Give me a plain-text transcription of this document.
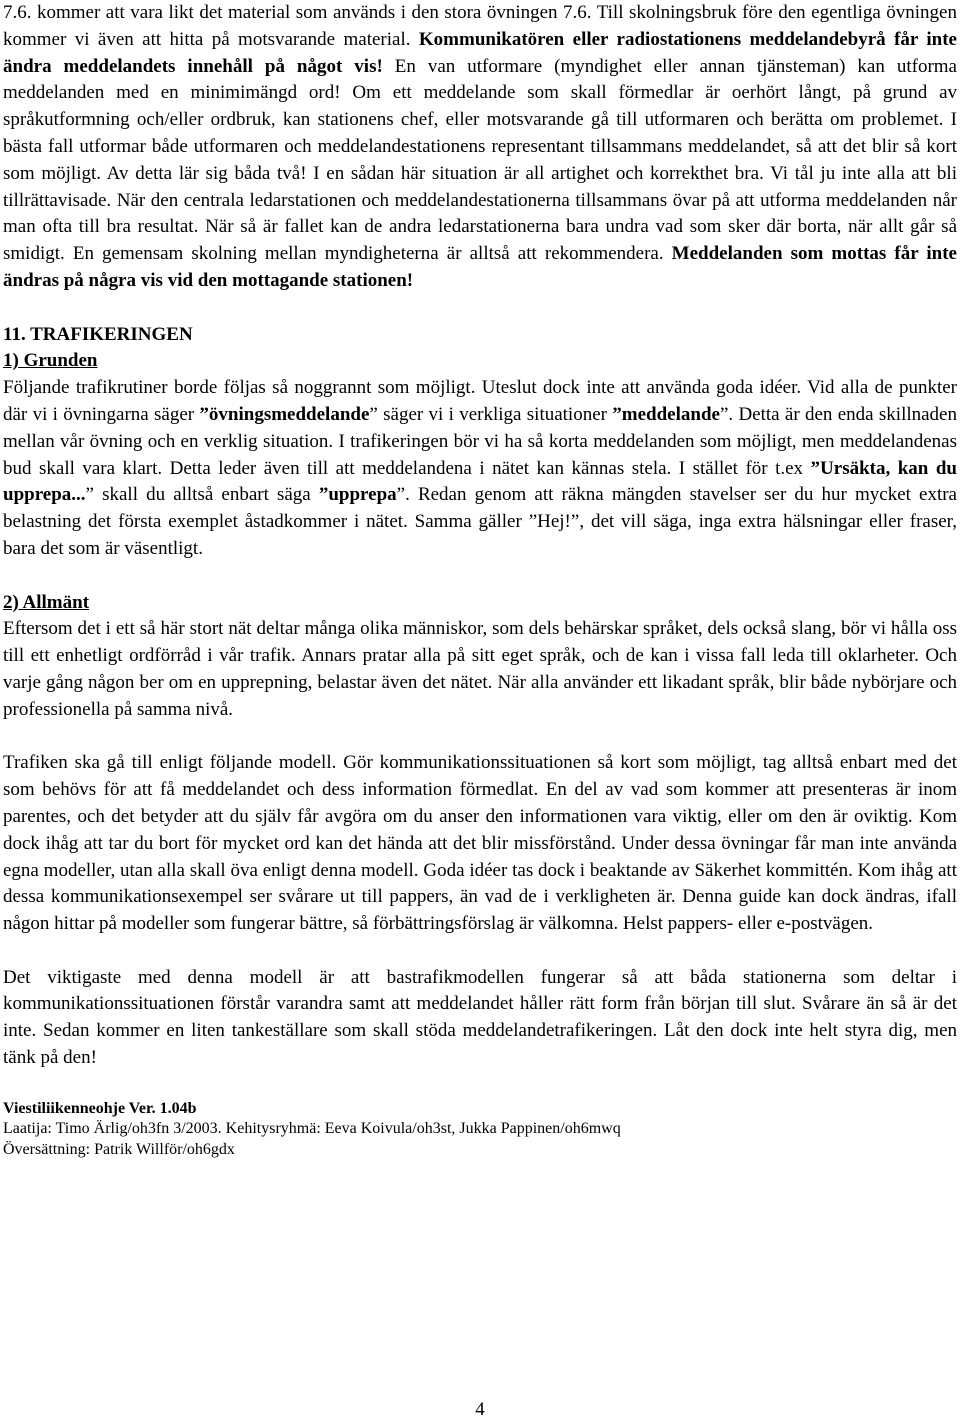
7.6. kommer att vara likt det material som används i den stora övningen 7.6. Till skolningsbruk före den egentliga övningen kommer vi även att hitta på motsvarande material. Kommunikatören eller radiostationens meddelandebyrå får inte ändra meddelandets innehåll på något vis! En van utformare (myndighet eller annan tjänsteman) kan utforma meddelanden med en minimimängd ord! Om ett meddelande som skall förmedlar är oerhört långt, på grund av språkutformning och/eller ordbruk, kan stationens chef, eller motsvarande gå till utformaren och berätta om problemet. I bästa fall utformar både utformaren och meddelandestationens representant tillsammans meddelandet, så att det blir så kort som möjligt. Av detta lär sig båda två! I en sådan här situation är all artighet och korrekthet bra. Vi tål ju inte alla att bli tillrättavisade. När den centrala ledarstationen och meddelandestationerna tillsammans övar på att utforma meddelanden når man ofta till bra resultat. När så är fallet kan de andra ledarstationerna bara undra vad som sker där borta, när allt går så smidigt. En gemensam skolning mellan myndigheterna är alltså att rekommendera. Meddelanden som mottas får inte ändras på några vis vid den mottagande stationen!

11. TRAFIKERINGEN

1) Grunden

Följande trafikrutiner borde följas så noggrannt som möjligt. Uteslut dock inte att använda goda idéer. Vid alla de punkter där vi i övningarna säger ”övningsmeddelande” säger vi i verkliga situationer ”meddelande”. Detta är den enda skillnaden mellan vår övning och en verklig situation. I trafikeringen bör vi ha så korta meddelanden som möjligt, men meddelandenas bud skall vara klart. Detta leder även till att meddelandena i nätet kan kännas stela. I stället för t.ex ”Ursäkta, kan du upprepa...” skall du alltså enbart säga ”upprepa”. Redan genom att räkna mängden stavelser ser du hur mycket extra belastning det första exemplet åstadkommer i nätet. Samma gäller ”Hej!”, det vill säga, inga extra hälsningar eller fraser, bara det som är väsentligt.

2) Allmänt

Eftersom det i ett så här stort nät deltar många olika människor, som dels behärskar språket, dels också slang, bör vi hålla oss till ett enhetligt ordförråd i vår trafik. Annars pratar alla på sitt eget språk, och de kan i vissa fall leda till oklarheter. Och varje gång någon ber om en upprepning, belastar även det nätet. När alla använder ett likadant språk, blir både nybörjare och professionella på samma nivå.

Trafiken ska gå till enligt följande modell. Gör kommunikationssituationen så kort som möjligt, tag alltså enbart med det som behövs för att få meddelandet och dess information förmedlat. En del av vad som kommer att presenteras är inom parentes, och det betyder att du själv får avgöra om du anser den informationen vara viktig, eller om den är oviktig. Kom dock ihåg att tar du bort för mycket ord kan det hända att det blir missförstånd. Under dessa övningar får man inte använda egna modeller, utan alla skall öva enligt denna modell. Goda idéer tas dock i beaktande av Säkerhet kommittén. Kom ihåg att dessa kommunikationsexempel ser svårare ut till pappers, än vad de i verkligheten är. Denna guide kan dock ändras, ifall någon hittar på modeller som fungerar bättre, så förbättringsförslag är välkomna. Helst pappers- eller e-postvägen.

Det viktigaste med denna modell är att bastrafikmodellen fungerar så att båda stationerna som deltar i kommunikationssituationen förstår varandra samt att meddelandet håller rätt form från början till slut. Svårare än så är det inte. Sedan kommer en liten tankeställare som skall stöda meddelandetrafikeringen. Låt den dock inte helt styra dig, men tänk på den!

Viestiliikenneohje Ver. 1.04b

Laatija: Timo Ärlig/oh3fn 3/2003. Kehitysryhmä: Eeva Koivula/oh3st, Jukka Pappinen/oh6mwq

Översättning: Patrik Willför/oh6gdx

4
